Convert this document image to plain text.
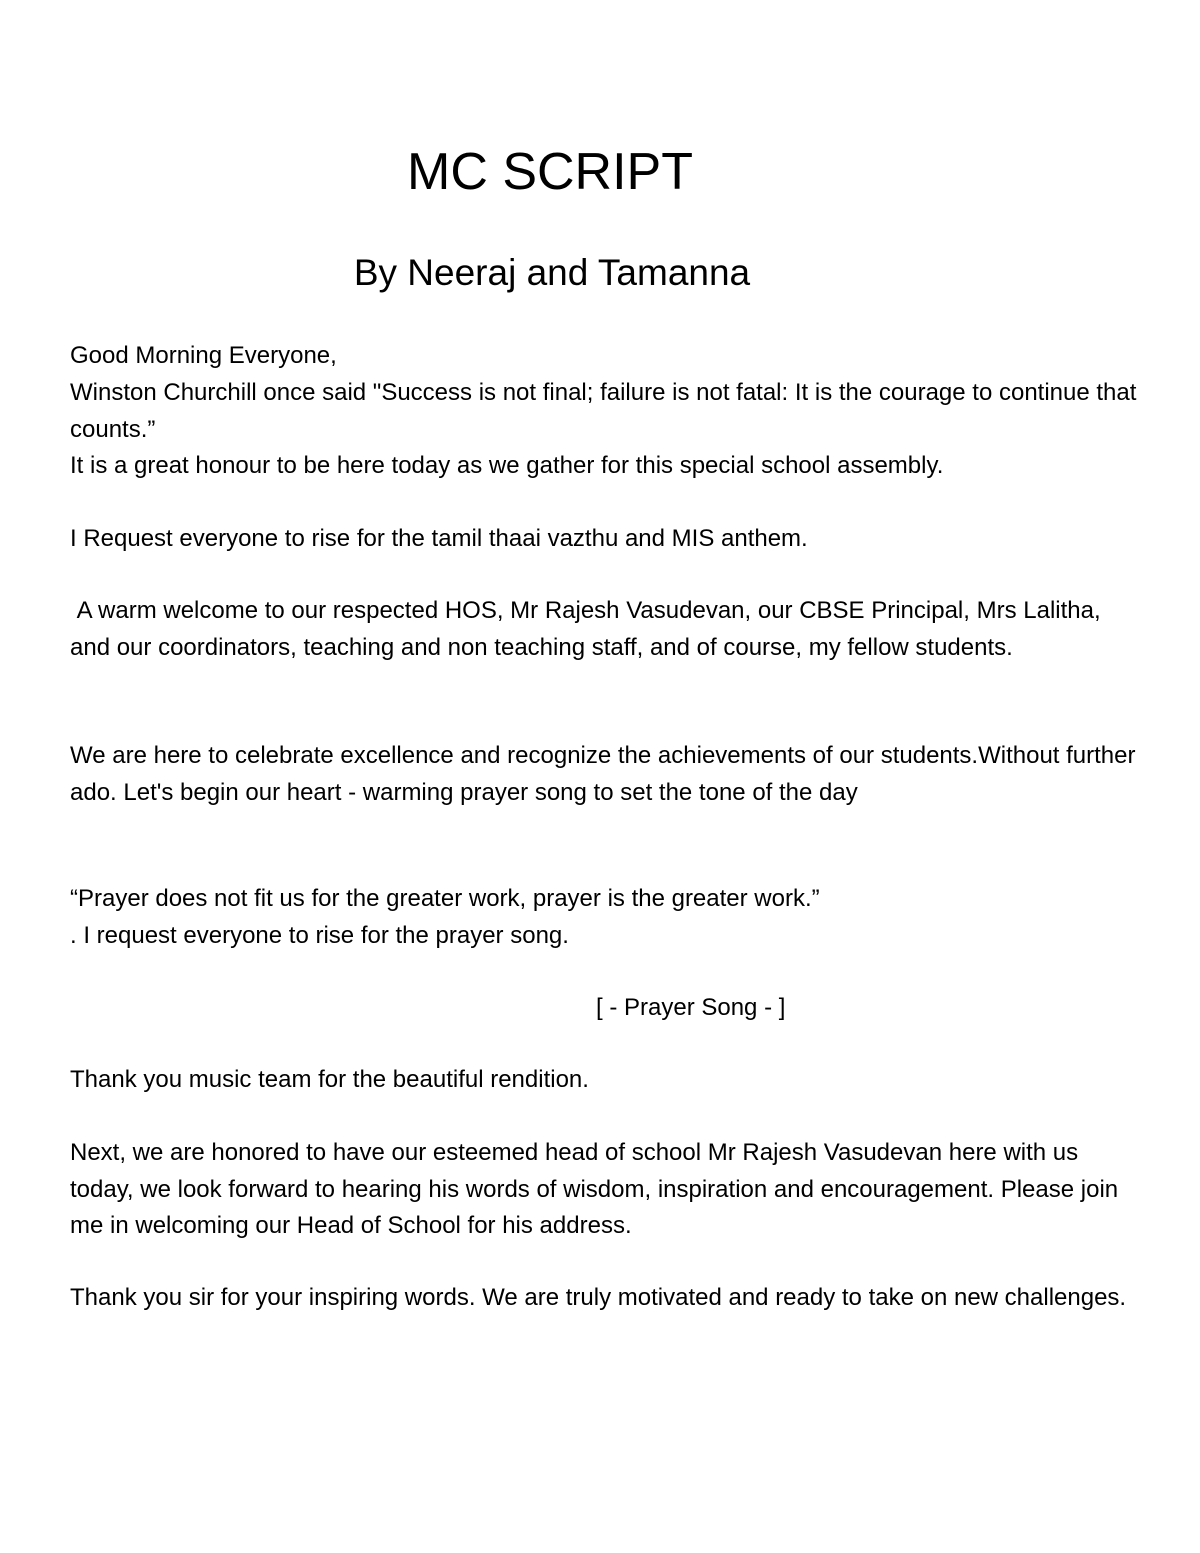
MC SCRIPT
By Neeraj and Tamanna

Good Morning Everyone,

Winston Churchill once said "Success is not final; failure is not fatal: It is the courage to continue that counts.”

It is a great honour to be here today as we gather for this special school assembly.

I Request everyone to rise for the tamil thaai vazthu and MIS anthem.

A warm welcome to our respected HOS, Mr Rajesh Vasudevan, our CBSE Principal, Mrs Lalitha, and our coordinators, teaching and non teaching staff, and of course, my fellow students.

We are here to celebrate excellence and recognize the achievements of our students.Without further ado. Let's begin our heart - warming prayer song to set the tone of the day

“Prayer does not fit us for the greater work, prayer is the greater work.”

. I request everyone to rise for the prayer song.

[ - Prayer Song - ]

Thank you music team for the beautiful rendition.

Next, we are honored to have our esteemed head of school Mr Rajesh Vasudevan here with us today, we look forward to hearing his words of wisdom, inspiration and encouragement. Please join me in welcoming our Head of School for his address.

Thank you sir for your inspiring words. We are truly motivated and ready to take on new challenges.
